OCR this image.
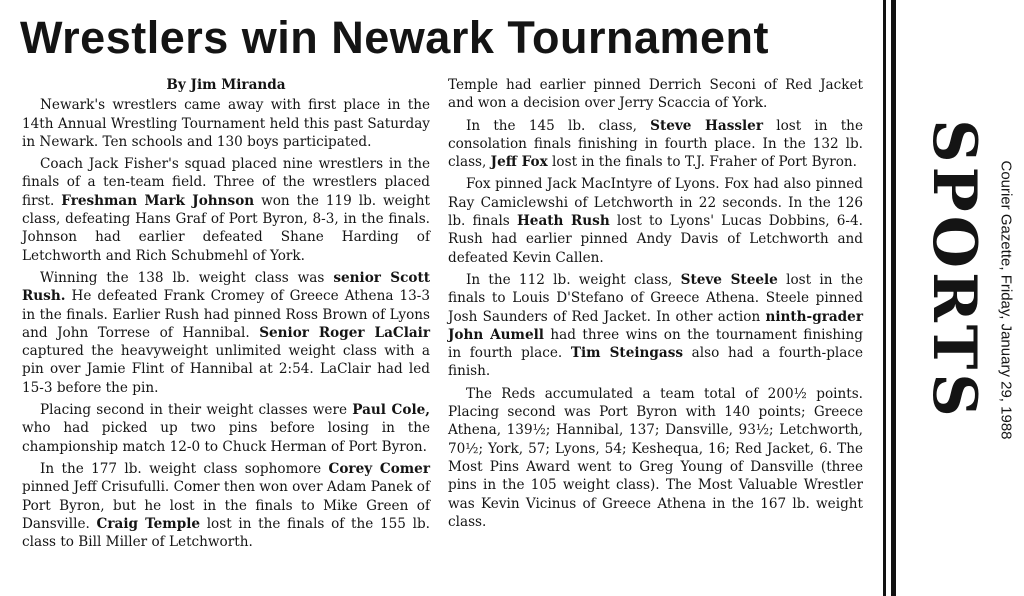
Wrestlers win Newark Tournament

By Jim Miranda

Newark's wrestlers came away with first place in the 14th Annual Wrestling Tournament held this past Saturday in Newark. Ten schools and 130 boys participated.

Coach Jack Fisher's squad placed nine wrestlers in the finals of a ten-team field. Three of the wrestlers placed first. Freshman Mark Johnson won the 119 lb. weight class, defeating Hans Graf of Port Byron, 8-3, in the finals. Johnson had earlier defeated Shane Harding of Letchworth and Rich Schubmehl of York.

Winning the 138 lb. weight class was senior Scott Rush. He defeated Frank Cromey of Greece Athena 13-3 in the finals. Earlier Rush had pinned Ross Brown of Lyons and John Torrese of Hannibal. Senior Roger LaClair captured the heavyweight unlimited weight class with a pin over Jamie Flint of Hannibal at 2:54. LaClair had led 15-3 before the pin.

Placing second in their weight classes were Paul Cole, who had picked up two pins before losing in the championship match 12-0 to Chuck Herman of Port Byron.

In the 177 lb. weight class sophomore Corey Comer pinned Jeff Crisufulli. Comer then won over Adam Panek of Port Byron, but he lost in the finals to Mike Green of Dansville. Craig Temple lost in the finals of the 155 lb. class to Bill Miller of Letchworth.

Temple had earlier pinned Derrich Seconi of Red Jacket and won a decision over Jerry Scaccia of York.

In the 145 lb. class, Steve Hassler lost in the consolation finals finishing in fourth place. In the 132 lb. class, Jeff Fox lost in the finals to T.J. Fraher of Port Byron.

Fox pinned Jack MacIntyre of Lyons. Fox had also pinned Ray Camiclewshi of Letchworth in 22 seconds. In the 126 lb. finals Heath Rush lost to Lyons' Lucas Dobbins, 6-4. Rush had earlier pinned Andy Davis of Letchworth and defeated Kevin Callen.

In the 112 lb. weight class, Steve Steele lost in the finals to Louis D'Stefano of Greece Athena. Steele pinned Josh Saunders of Red Jacket. In other action ninth-grader John Aumell had three wins on the tournament finishing in fourth place. Tim Steingass also had a fourth-place finish.

The Reds accumulated a team total of 200½ points. Placing second was Port Byron with 140 points; Greece Athena, 139½; Hannibal, 137; Dansville, 93½; Letchworth, 70½; York, 57; Lyons, 54; Keshequa, 16; Red Jacket, 6. The Most Pins Award went to Greg Young of Dansville (three pins in the 105 weight class). The Most Valuable Wrestler was Kevin Vicinus of Greece Athena in the 167 lb. weight class.

SPORTS Courier Gazette, Friday, January 29, 1988
